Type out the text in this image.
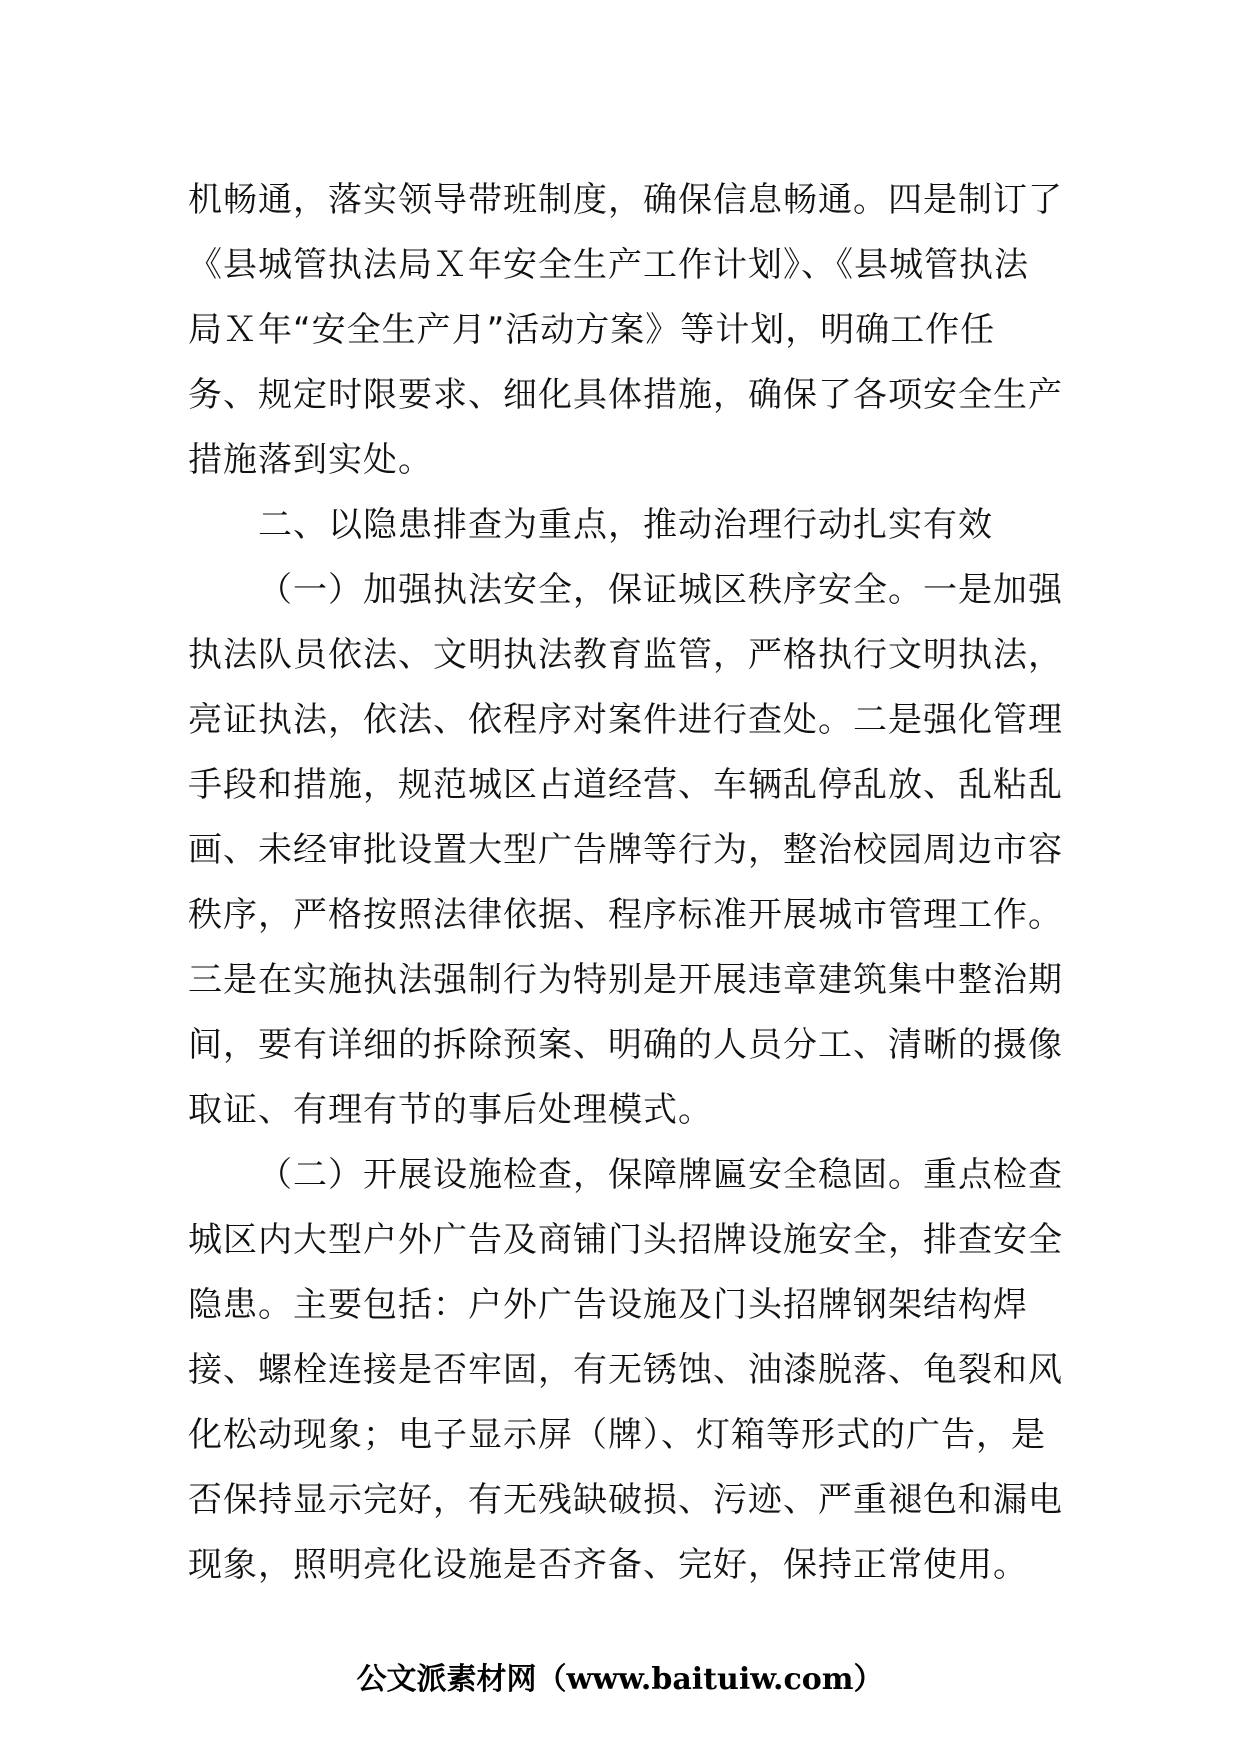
机畅通，落实领导带班制度，确保信息畅通。四是制订了
《县城管执法局Ｘ年安全生产工作计划》、《县城管执法
局Ｘ年“安全生产月”活动方案》等计划，明确工作任
务、规定时限要求、细化具体措施，确保了各项安全生产
措施落到实处。
二、以隐患排查为重点，推动治理行动扎实有效
（一）加强执法安全，保证城区秩序安全。一是加强
执法队员依法、文明执法教育监管，严格执行文明执法，
亮证执法，依法、依程序对案件进行查处。二是强化管理
手段和措施，规范城区占道经营、车辆乱停乱放、乱粘乱
画、未经审批设置大型广告牌等行为，整治校园周边市容
秩序，严格按照法律依据、程序标准开展城市管理工作。
三是在实施执法强制行为特别是开展违章建筑集中整治期
间，要有详细的拆除预案、明确的人员分工、清晰的摄像
取证、有理有节的事后处理模式。
（二）开展设施检查，保障牌匾安全稳固。重点检查
城区内大型户外广告及商铺门头招牌设施安全，排查安全
隐患。主要包括：户外广告设施及门头招牌钢架结构焊
接、螺栓连接是否牢固，有无锈蚀、油漆脱落、龟裂和风
化松动现象；电子显示屏（牌）、灯箱等形式的广告，是
否保持显示完好，有无残缺破损、污迹、严重褪色和漏电
现象，照明亮化设施是否齐备、完好，保持正常使用。
公文派素材网（www.baituiw.com）
